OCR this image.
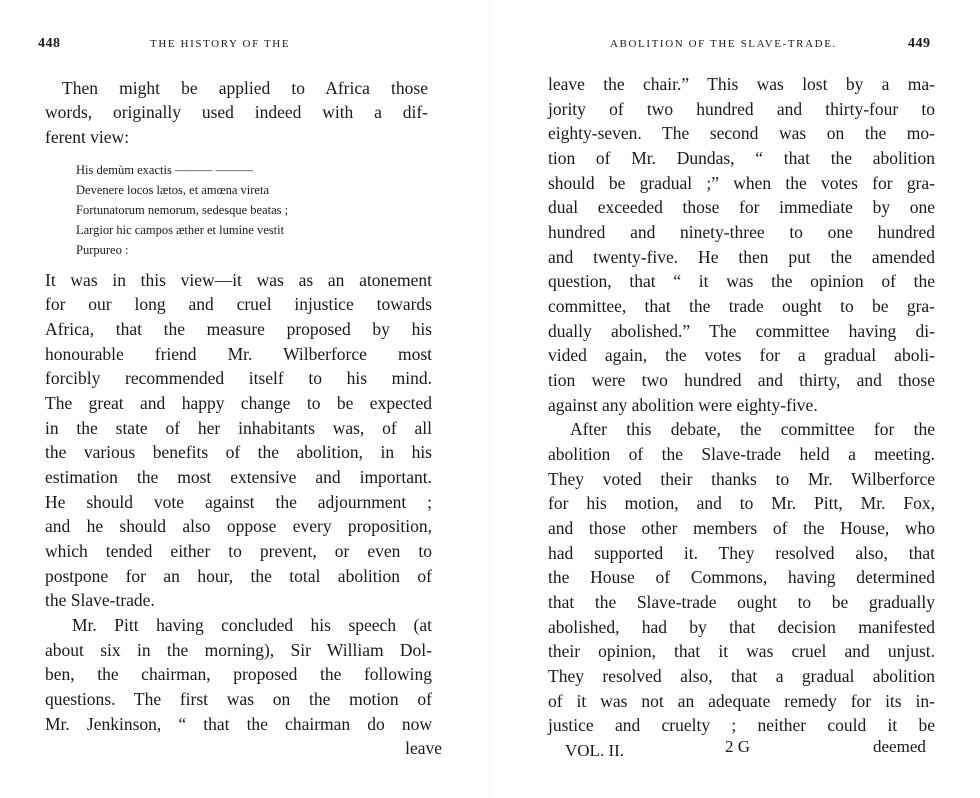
448	THE HISTORY OF THE
Then might be applied to Africa those
words, originally used indeed with a dif-
ferent view:
His demùm exactis ——— ———
Devenere locos lætos, et amœna vireta
Fortunatorum nemorum, sedesque beatas ;
Largior hic campos æther et lumine vestit
Purpureo :
It was in this view—it was as an atonement
for our long and cruel injustice towards
Africa, that the measure proposed by his
honourable friend Mr. Wilberforce most
forcibly recommended itself to his mind.
The great and happy change to be expected
in the state of her inhabitants was, of all
the various benefits of the abolition, in his
estimation the most extensive and important.
He should vote against the adjournment ;
and he should also oppose every proposition,
which tended either to prevent, or even to
postpone for an hour, the total abolition of
the Slave-trade.
Mr. Pitt having concluded his speech (at
about six in the morning), Sir William Dol-
ben, the chairman, proposed the following
questions. The first was on the motion of
Mr. Jenkinson, “ that the chairman do now
leave
ABOLITION OF THE SLAVE-TRADE.	449
leave the chair.” This was lost by a ma-
jority of two hundred and thirty-four to
eighty-seven. The second was on the mo-
tion of Mr. Dundas, “ that the abolition
should be gradual ;” when the votes for gra-
dual exceeded those for immediate by one
hundred and ninety-three to one hundred
and twenty-five. He then put the amended
question, that “ it was the opinion of the
committee, that the trade ought to be gra-
dually abolished.” The committee having di-
vided again, the votes for a gradual aboli-
tion were two hundred and thirty, and those
against any abolition were eighty-five.
After this debate, the committee for the
abolition of the Slave-trade held a meeting.
They voted their thanks to Mr. Wilberforce
for his motion, and to Mr. Pitt, Mr. Fox,
and those other members of the House, who
had supported it. They resolved also, that
the House of Commons, having determined
that the Slave-trade ought to be gradually
abolished, had by that decision manifested
their opinion, that it was cruel and unjust.
They resolved also, that a gradual abolition
of it was not an adequate remedy for its in-
justice and cruelty ; neither could it be
VOL. II.	2 G	deemed
